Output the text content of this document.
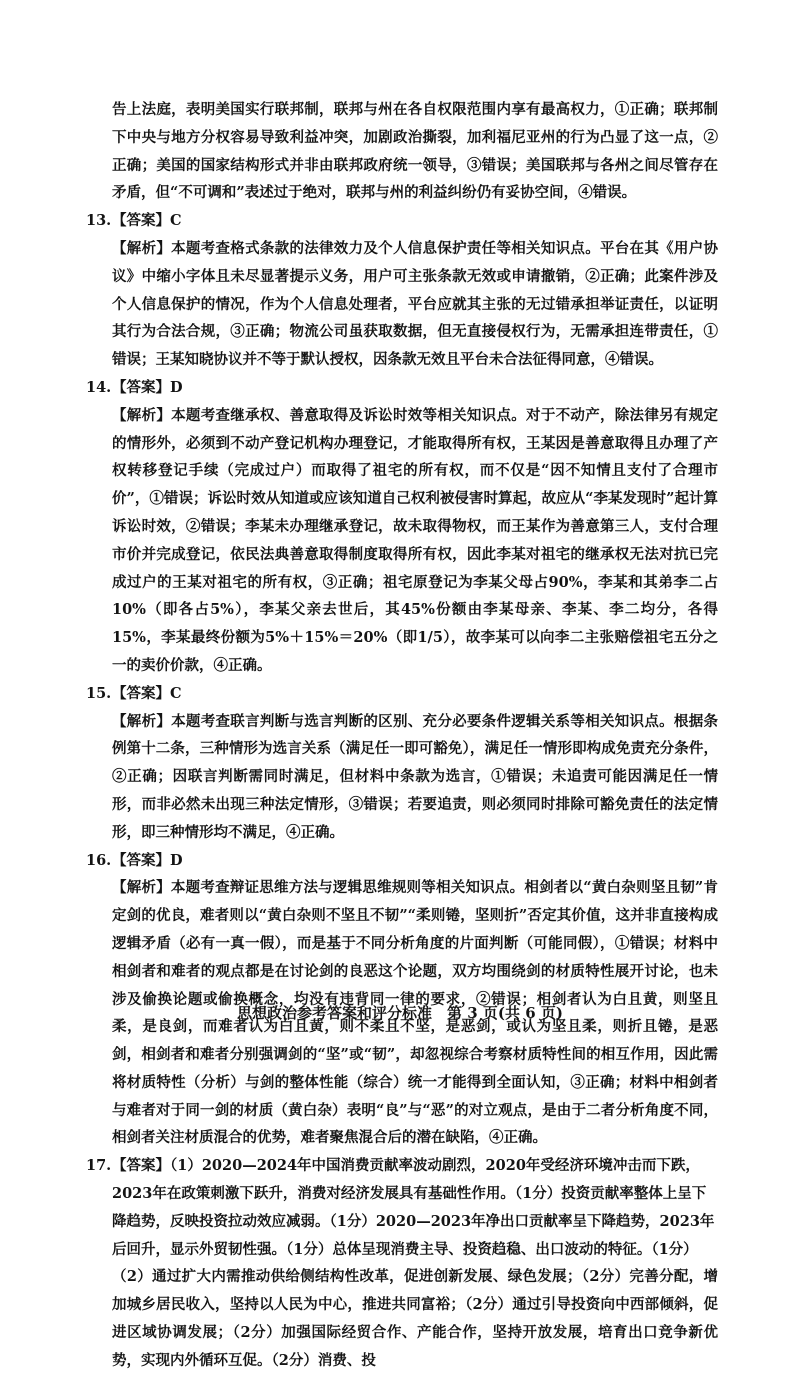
告上法庭，表明美国实行联邦制，联邦与州在各自权限范围内享有最高权力，①正确；联邦制下中央与地方分权容易导致利益冲突，加剧政治撕裂，加利福尼亚州的行为凸显了这一点，②正确；美国的国家结构形式并非由联邦政府统一领导，③错误；美国联邦与各州之间尽管存在矛盾，但“不可调和”表述过于绝对，联邦与州的利益纠纷仍有妥协空间，④错误。

13. 【答案】C

【解析】本题考查格式条款的法律效力及个人信息保护责任等相关知识点。平台在其《用户协议》中缩小字体且未尽显著提示义务，用户可主张条款无效或申请撤销，②正确；此案件涉及个人信息保护的情况，作为个人信息处理者，平台应就其主张的无过错承担举证责任，以证明其行为合法合规，③正确；物流公司虽获取数据，但无直接侵权行为，无需承担连带责任，①错误；王某知晓协议并不等于默认授权，因条款无效且平台未合法征得同意，④错误。

14. 【答案】D

【解析】本题考查继承权、善意取得及诉讼时效等相关知识点。对于不动产，除法律另有规定的情形外，必须到不动产登记机构办理登记，才能取得所有权，王某因是善意取得且办理了产权转移登记手续（完成过户）而取得了祖宅的所有权，而不仅是“因不知情且支付了合理市价”，①错误；诉讼时效从知道或应该知道自己权利被侵害时算起，故应从“李某发现时”起计算诉讼时效，②错误；李某未办理继承登记，故未取得物权，而王某作为善意第三人，支付合理市价并完成登记，依民法典善意取得制度取得所有权，因此李某对祖宅的继承权无法对抗已完成过户的王某对祖宅的所有权，③正确；祖宅原登记为李某父母占90%，李某和其弟李二占10%（即各占5%），李某父亲去世后，其45%份额由李某母亲、李某、李二均分，各得15%，李某最终份额为5%＋15%＝20%（即1/5），故李某可以向李二主张赔偿祖宅五分之一的卖价价款，④正确。

15. 【答案】C

【解析】本题考查联言判断与选言判断的区别、充分必要条件逻辑关系等相关知识点。根据条例第十二条，三种情形为选言关系（满足任一即可豁免），满足任一情形即构成免责充分条件，②正确；因联言判断需同时满足，但材料中条款为选言，①错误；未追责可能因满足任一情形，而非必然未出现三种法定情形，③错误；若要追责，则必须同时排除可豁免责任的法定情形，即三种情形均不满足，④正确。

16. 【答案】D

【解析】本题考查辩证思维方法与逻辑思维规则等相关知识点。相剑者以“黄白杂则坚且韧”肯定剑的优良，难者则以“黄白杂则不坚且不韧”“柔则锩，坚则折”否定其价值，这并非直接构成逻辑矛盾（必有一真一假），而是基于不同分析角度的片面判断（可能同假），①错误；材料中相剑者和难者的观点都是在讨论剑的良恶这个论题，双方均围绕剑的材质特性展开讨论，也未涉及偷换论题或偷换概念，均没有违背同一律的要求，②错误；相剑者认为白且黄，则坚且柔，是良剑，而难者认为白且黄，则不柔且不坚，是恶剑，或认为坚且柔，则折且锩，是恶剑，相剑者和难者分别强调剑的“坚”或“韧”，却忽视综合考察材质特性间的相互作用，因此需将材质特性（分析）与剑的整体性能（综合）统一才能得到全面认知，③正确；材料中相剑者与难者对于同一剑的材质（黄白杂）表明“良”与“恶”的对立观点，是由于二者分析角度不同，相剑者关注材质混合的优势，难者聚焦混合后的潜在缺陷，④正确。

17. 【答案】（1）2020—2024年中国消费贡献率波动剧烈，2020年受经济环境冲击而下跌，2023年在政策刺激下跃升，消费对经济发展具有基础性作用。（1分）投资贡献率整体上呈下降趋势，反映投资拉动效应减弱。（1分）2020—2023年净出口贡献率呈下降趋势，2023年后回升，显示外贸韧性强。（1分）总体呈现消费主导、投资趋稳、出口波动的特征。（1分）

（2）通过扩大内需推动供给侧结构性改革，促进创新发展、绿色发展；（2分）完善分配，增加城乡居民收入，坚持以人民为中心，推进共同富裕；（2分）通过引导投资向中西部倾斜，促进区域协调发展；（2分）加强国际经贸合作、产能合作，坚持开放发展，培育出口竞争新优势，实现内外循环互促。（2分）消费、投

思想政治参考答案和评分标准　第 3 页(共 6 页)
